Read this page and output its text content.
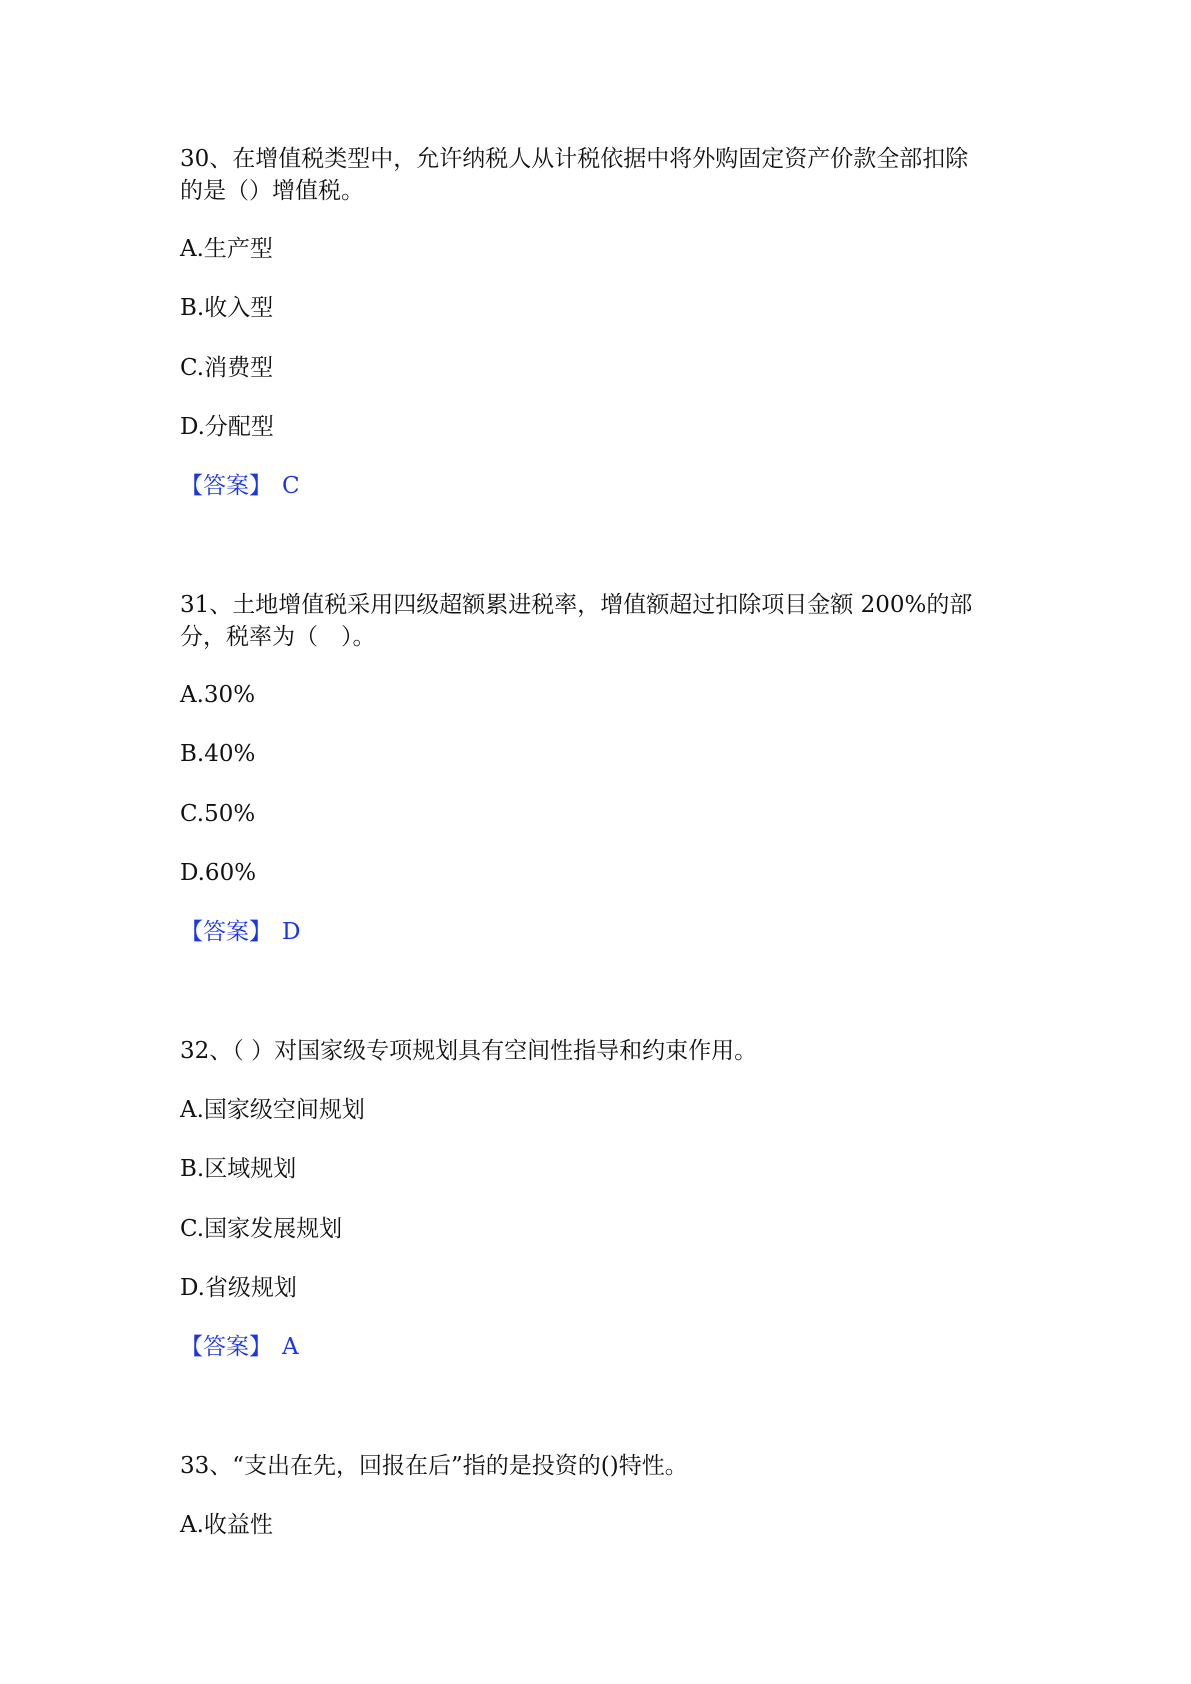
30、在增值税类型中，允许纳税人从计税依据中将外购固定资产价款全部扣除
的是（）增值税。
A.生产型
B.收入型
C.消费型
D.分配型
【答案】 C
31、土地增值税采用四级超额累进税率，增值额超过扣除项目金额 200%的部
分，税率为（　）。
A.30%
B.40%
C.50%
D.60%
【答案】 D
32、（ ）对国家级专项规划具有空间性指导和约束作用。
A.国家级空间规划
B.区域规划
C.国家发展规划
D.省级规划
【答案】 A
33、“支出在先，回报在后”指的是投资的()特性。
A.收益性
